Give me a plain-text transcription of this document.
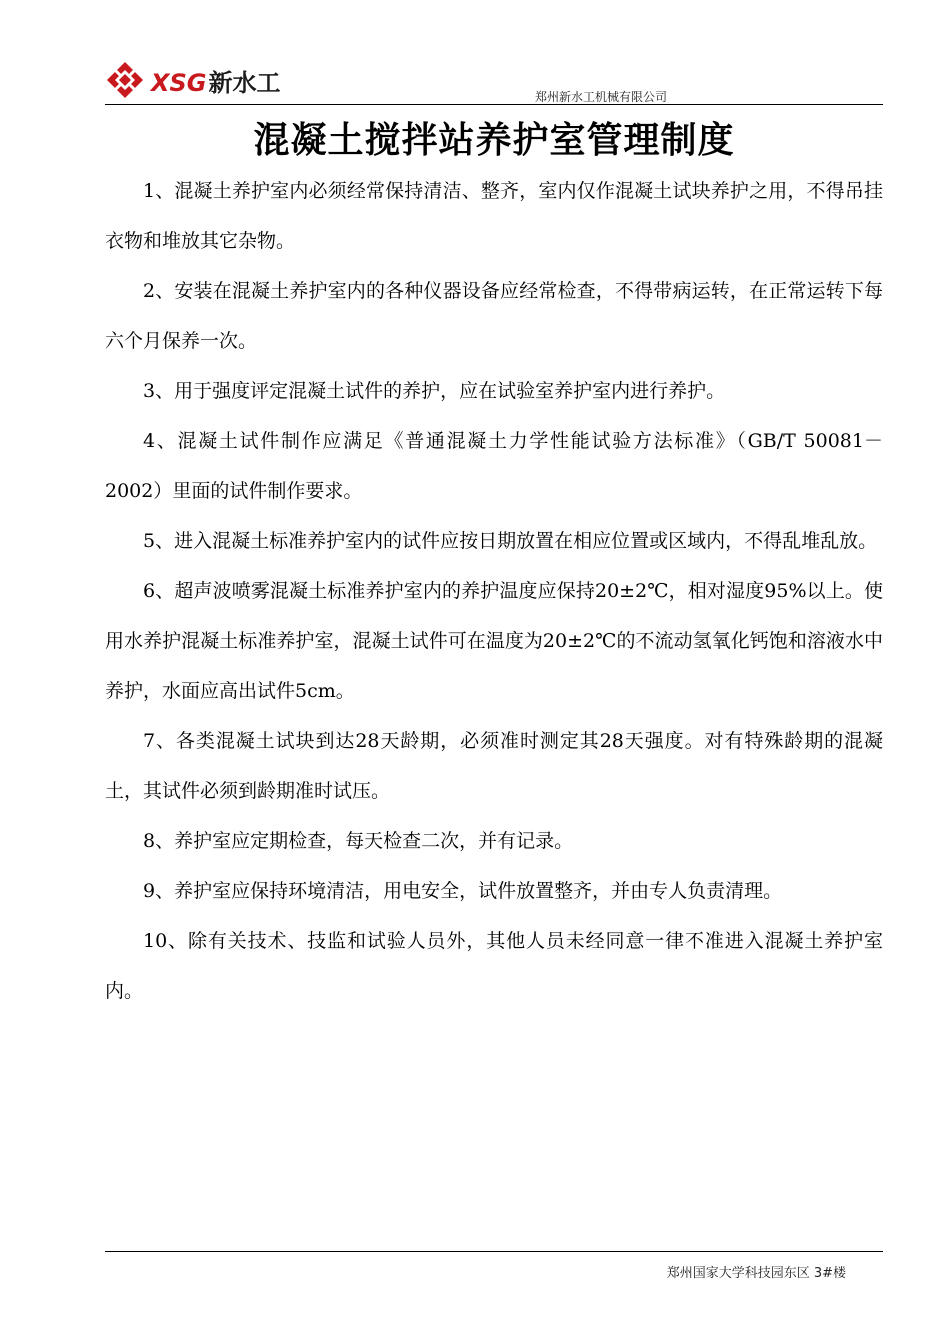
XSG新水工
郑州新水工机械有限公司
混凝土搅拌站养护室管理制度

1、混凝土养护室内必须经常保持清洁、整齐，室内仅作混凝土试块养护之用，不得吊挂衣物和堆放其它杂物。

2、安装在混凝土养护室内的各种仪器设备应经常检查，不得带病运转，在正常运转下每六个月保养一次。

3、用于强度评定混凝土试件的养护，应在试验室养护室内进行养护。

4、混凝土试件制作应满足《普通混凝土力学性能试验方法标准》（GB/T 50081－2002）里面的试件制作要求。

5、进入混凝土标准养护室内的试件应按日期放置在相应位置或区域内，不得乱堆乱放。

6、超声波喷雾混凝土标准养护室内的养护温度应保持20±2℃，相对湿度95%以上。使用水养护混凝土标准养护室，混凝土试件可在温度为20±2℃的不流动氢氧化钙饱和溶液水中养护，水面应高出试件5cm。

7、各类混凝土试块到达28天龄期，必须准时测定其28天强度。对有特殊龄期的混凝土，其试件必须到龄期准时试压。

8、养护室应定期检查，每天检查二次，并有记录。

9、养护室应保持环境清洁，用电安全，试件放置整齐，并由专人负责清理。

10、除有关技术、技监和试验人员外，其他人员未经同意一律不准进入混凝土养护室内。

郑州国家大学科技园东区 3#楼
